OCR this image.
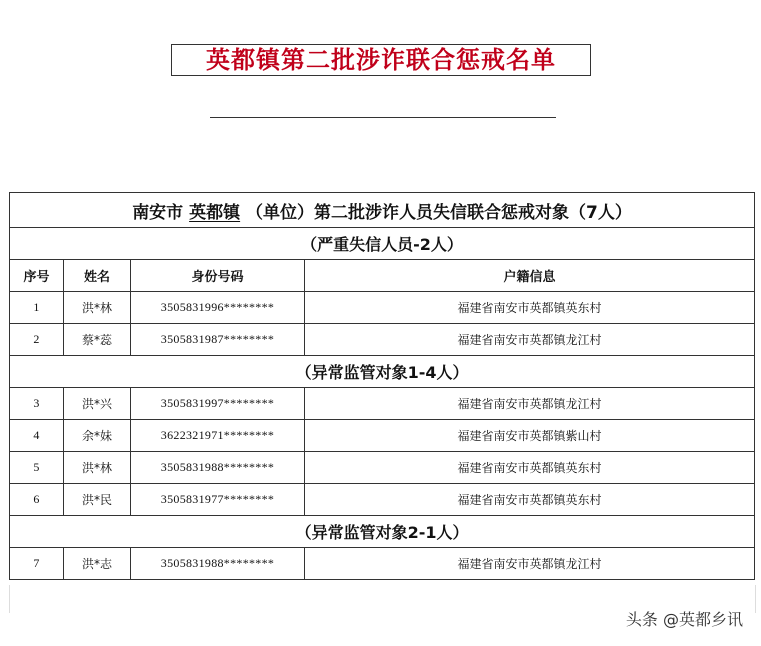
英都镇第二批涉诈联合惩戒名单
南安市 英都镇 （单位）第二批涉诈人员失信联合惩戒对象（7人）			
（严重失信人员-2人）			
序号	姓名	身份号码	户籍信息
1	洪*林	3505831996********	福建省南安市英都镇英东村
2	蔡*蕊	3505831987********	福建省南安市英都镇龙江村
（异常监管对象1-4人）			
3	洪*兴	3505831997********	福建省南安市英都镇龙江村
4	余*妹	3622321971********	福建省南安市英都镇紫山村
5	洪*林	3505831988********	福建省南安市英都镇英东村
6	洪*民	3505831977********	福建省南安市英都镇英东村
（异常监管对象2-1人）			
7	洪*志	3505831988********	福建省南安市英都镇龙江村
头条 @英都乡讯
